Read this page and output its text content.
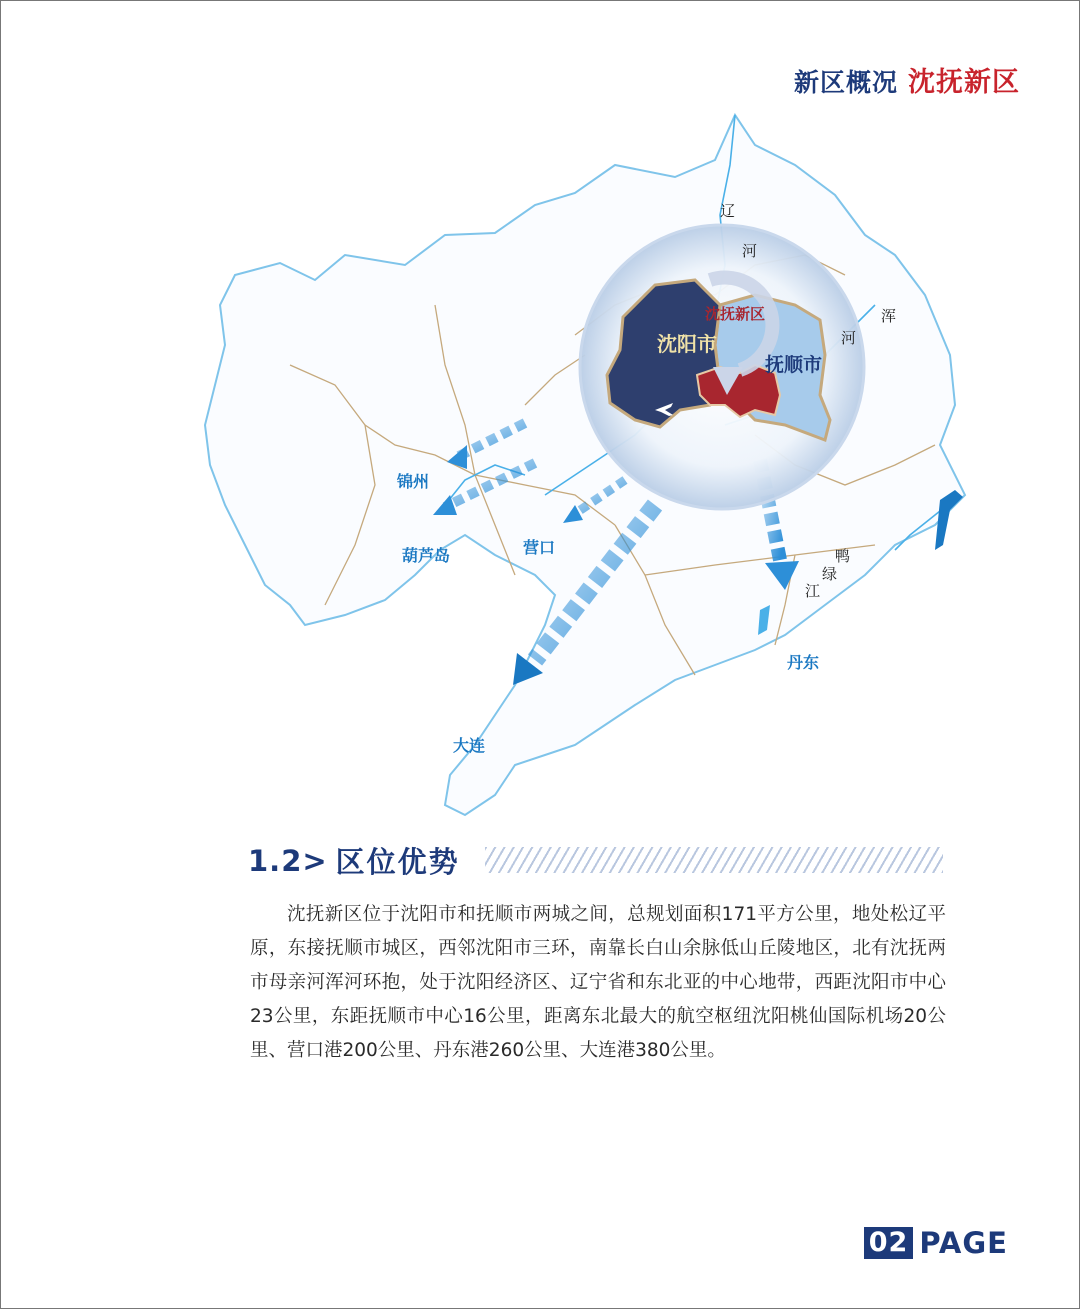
新区概况 沈抚新区
沈抚新区
沈阳市
抚顺市
锦州
葫芦岛	营口
丹东
大连
辽
河
浑
河
鸭
绿
江
1.2> 区位优势
沈抚新区位于沈阳市和抚顺市两城之间，总规划面积171平方公里，地处松辽平原，东接抚顺市城区，西邻沈阳市三环，南靠长白山余脉低山丘陵地区，北有沈抚两市母亲河浑河环抱，处于沈阳经济区、辽宁省和东北亚的中心地带，西距沈阳市中心23公里，东距抚顺市中心16公里，距离东北最大的航空枢纽沈阳桃仙国际机场20公里、营口港200公里、丹东港260公里、大连港380公里。
02 PAGE
